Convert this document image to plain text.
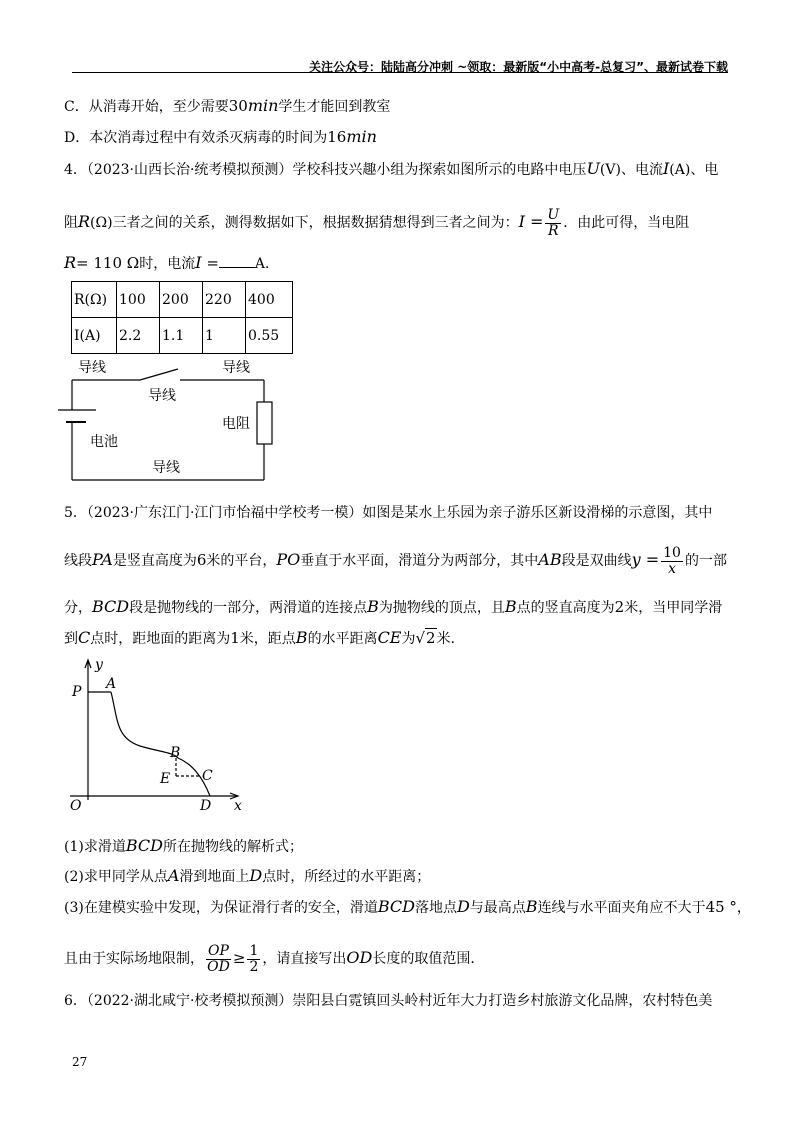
关注公众号：陆陆高分冲刺 ~领取：最新版“小中高考-总复习”、最新试卷下载
C．从消毒开始，至少需要30min学生才能回到教室
D．本次消毒过程中有效杀灭病毒的时间为16min
4．（2023·山西长治·统考模拟预测）学校科技兴趣小组为探索如图所示的电路中电压U(V)、电流I(A)、电
阻R(Ω)三者之间的关系，测得数据如下，根据数据猜想得到三者之间为：$I = \frac{U}{R}$ ．由此可得，当电阻
R= 110 Ω时，电流I =	A．
R(Ω)	100	200	220	400
I(A)	2.2	1.1	1	0.55
导线	导线
导线
电池
电阻
导线
5．（2023·广东江门·江门市怡福中学校考一模）如图是某水上乐园为亲子游乐区新设滑梯的示意图，其中
线段PA是竖直高度为6米的平台，PO垂直于水平面，滑道分为两部分，其中AB段是双曲线$y = \frac{10}{x}$ 的一部
分，BCD段是抛物线的一部分，两滑道的连接点B为抛物线的顶点，且B点的竖直高度为2米，当甲同学滑
到C点时，距地面的距离为1米，距点B的水平距离CE为√2米．
y
P A
B
E C
O	D x
(1)求滑道BCD所在抛物线的解析式；
(2)求甲同学从点A滑到地面上D点时，所经过的水平距离；
(3)在建模实验中发现，为保证滑行者的安全，滑道BCD落地点D与最高点B连线与水平面夹角应不大于45 °，
且由于实际场地限制， $\frac{OP}{OD} \ge \frac{1}{2}$ ，请直接写出OD长度的取值范围．
6．（2022·湖北咸宁·校考模拟预测）崇阳县白霓镇回头岭村近年大力打造乡村旅游文化品牌，农村特色美
27
